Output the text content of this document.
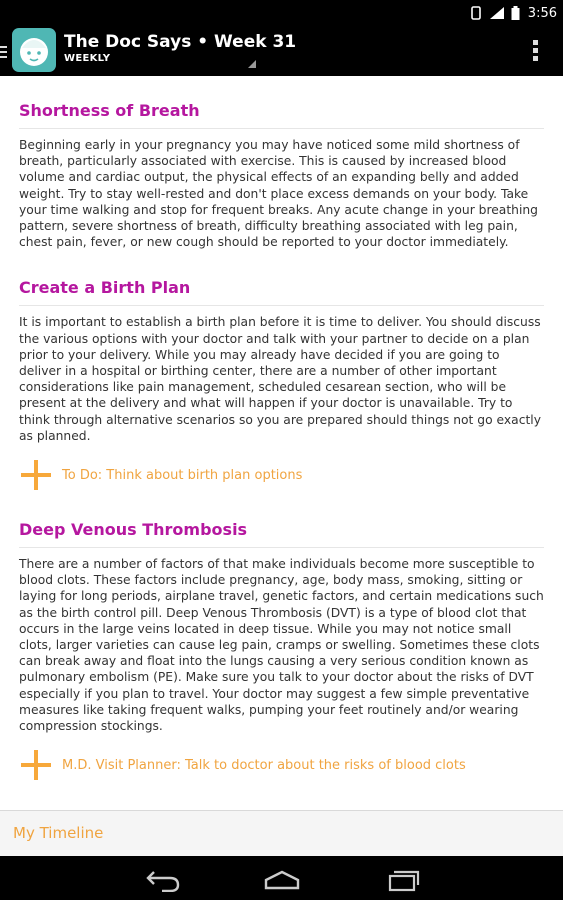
3:56
The Doc Says • Week 31
WEEKLY
Shortness of Breath

Beginning early in your pregnancy you may have noticed some mild shortness of breath, particularly associated with exercise. This is caused by increased blood volume and cardiac output, the physical effects of an expanding belly and added weight. Try to stay well-rested and don't place excess demands on your body. Take your time walking and stop for frequent breaks. Any acute change in your breathing pattern, severe shortness of breath, difficulty breathing associated with leg pain, chest pain, fever, or new cough should be reported to your doctor immediately.

Create a Birth Plan

It is important to establish a birth plan before it is time to deliver. You should discuss the various options with your doctor and talk with your partner to decide on a plan prior to your delivery. While you may already have decided if you are going to deliver in a hospital or birthing center, there are a number of other important considerations like pain management, scheduled cesarean section, who will be present at the delivery and what will happen if your doctor is unavailable. Try to think through alternative scenarios so you are prepared should things not go exactly as planned.

To Do: Think about birth plan options
Deep Venous Thrombosis

There are a number of factors of that make individuals become more susceptible to blood clots. These factors include pregnancy, age, body mass, smoking, sitting or laying for long periods, airplane travel, genetic factors, and certain medications such as the birth control pill. Deep Venous Thrombosis (DVT) is a type of blood clot that occurs in the large veins located in deep tissue. While you may not notice small clots, larger varieties can cause leg pain, cramps or swelling. Sometimes these clots can break away and float into the lungs causing a very serious condition known as pulmonary embolism (PE). Make sure you talk to your doctor about the risks of DVT especially if you plan to travel. Your doctor may suggest a few simple preventative measures like taking frequent walks, pumping your feet routinely and/or wearing compression stockings.

M.D. Visit Planner: Talk to doctor about the risks of blood clots
My Timeline
